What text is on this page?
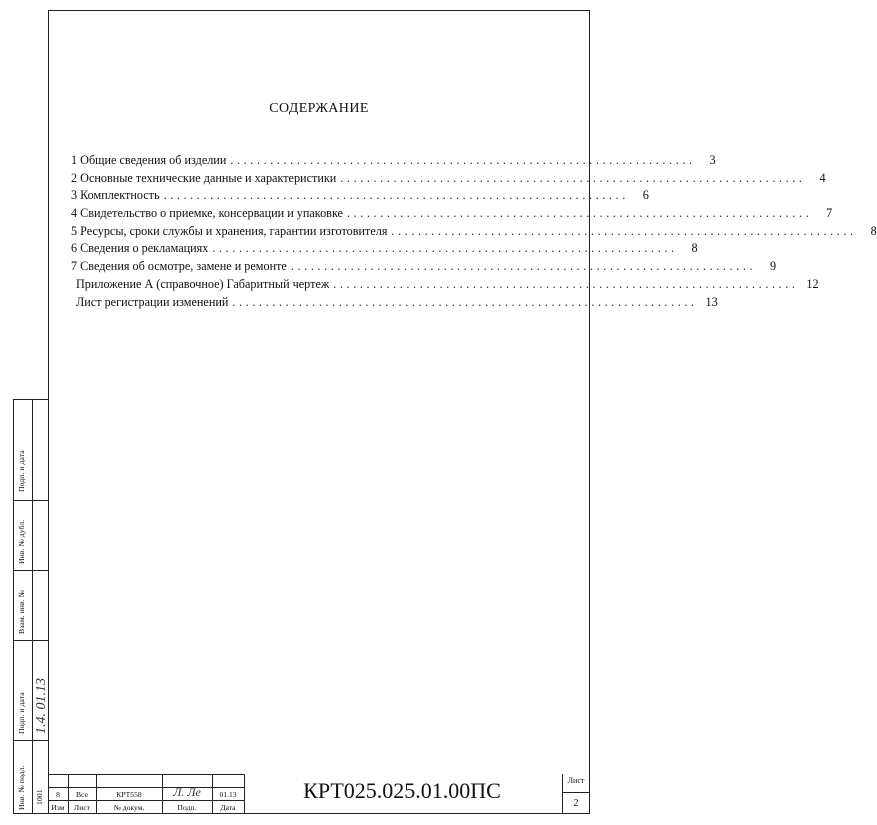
СОДЕРЖАНИЕ
1 Общие сведения об изделии ......................................................................	3
2 Основные технические данные и характеристики ......................................................................	4
3 Комплектность ......................................................................	6
4 Свидетельство о приемке, консервации и упаковке ......................................................................	7
5 Ресурсы, сроки службы и хранения, гарантии изготовителя ......................................................................	8
6 Сведения о рекламациях ......................................................................	8
7 Сведения об осмотре, замене и ремонте ......................................................................	9
Приложение А (справочное) Габаритный чертеж ...................................................................... 12
Лист регистрации изменений ...................................................................... 13
Подп. и дата
Инв. № дубл.
Взам. инв. №
Подп. и дата
Инв. № подл. 1001
1.4. 01.13
8	Все	КРТ558	Л. Ле	01.13
Изм	Лист	№ докум.	Подп.	Дата
КРТ025.025.01.00ПС	Лист
2
